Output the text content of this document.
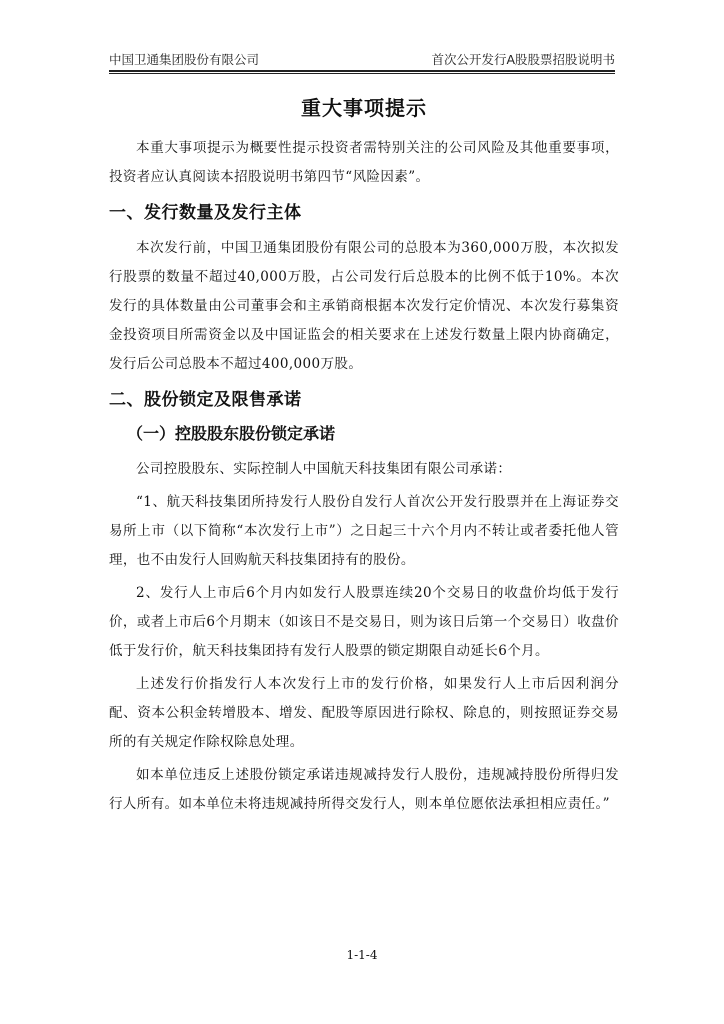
中国卫通集团股份有限公司	首次公开发行A股股票招股说明书
重大事项提示

本重大事项提示为概要性提示投资者需特别关注的公司风险及其他重要事项，投资者应认真阅读本招股说明书第四节“风险因素”。

一、发行数量及发行主体

本次发行前，中国卫通集团股份有限公司的总股本为360,000万股，本次拟发行股票的数量不超过40,000万股，占公司发行后总股本的比例不低于10%。本次发行的具体数量由公司董事会和主承销商根据本次发行定价情况、本次发行募集资金投资项目所需资金以及中国证监会的相关要求在上述发行数量上限内协商确定，发行后公司总股本不超过400,000万股。

二、股份锁定及限售承诺
（一）控股股东股份锁定承诺

公司控股股东、实际控制人中国航天科技集团有限公司承诺：

“1、航天科技集团所持发行人股份自发行人首次公开发行股票并在上海证券交易所上市（以下简称“本次发行上市”）之日起三十六个月内不转让或者委托他人管理，也不由发行人回购航天科技集团持有的股份。

2、发行人上市后6个月内如发行人股票连续20个交易日的收盘价均低于发行价，或者上市后6个月期末（如该日不是交易日，则为该日后第一个交易日）收盘价低于发行价，航天科技集团持有发行人股票的锁定期限自动延长6个月。

上述发行价指发行人本次发行上市的发行价格，如果发行人上市后因利润分配、资本公积金转增股本、增发、配股等原因进行除权、除息的，则按照证券交易所的有关规定作除权除息处理。

如本单位违反上述股份锁定承诺违规减持发行人股份，违规减持股份所得归发行人所有。如本单位未将违规减持所得交发行人，则本单位愿依法承担相应责任。”

1-1-4
